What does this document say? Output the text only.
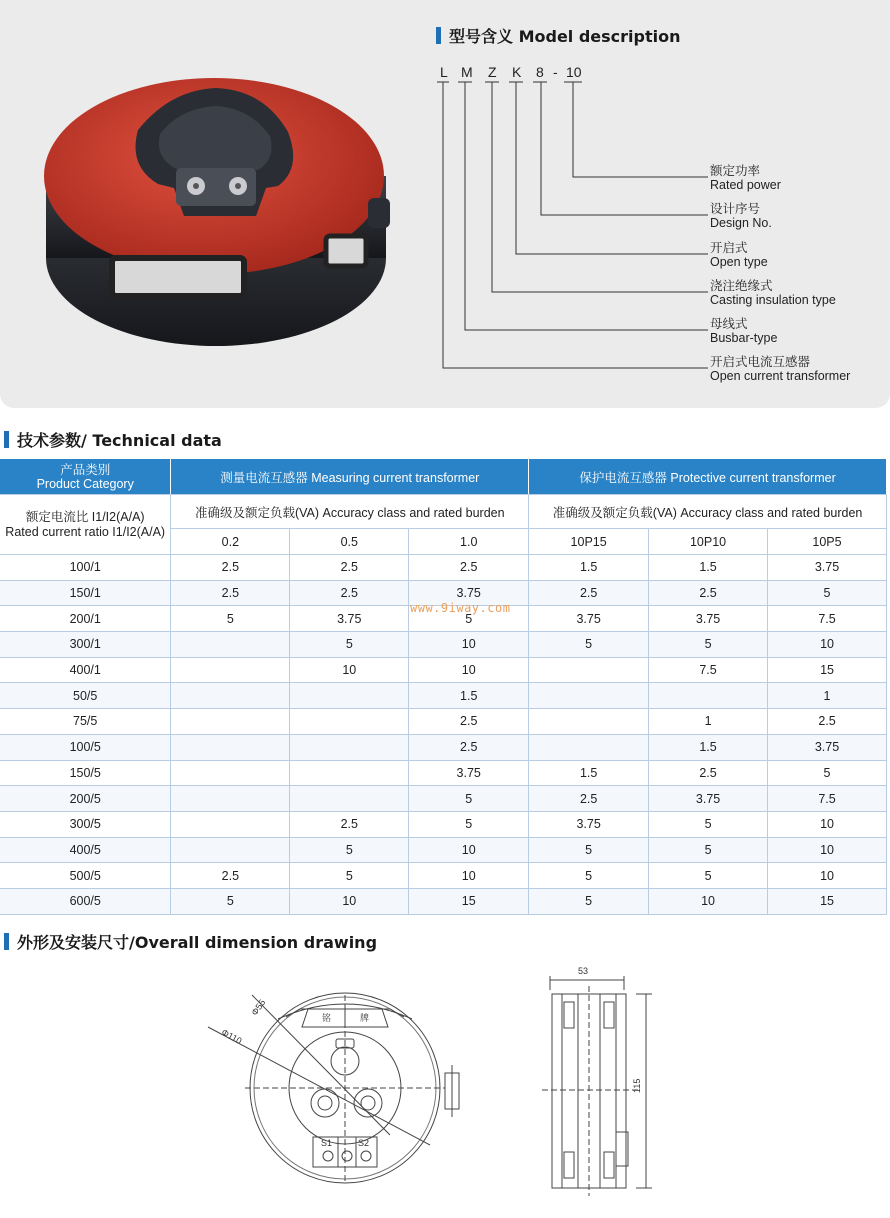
型号含义 Model description
L M Z K 8 - 10
额定功率
Rated power
设计序号
Design No.
开启式
Open type
浇注绝缘式
Casting insulation type
母线式
Busbar-type
开启式电流互感器
Open current transformer
技术参数/ Technical data
产品类别
Product Category	测量电流互感器 Measuring current transformer			保护电流互感器 Protective current transformer		

额定电流比 I1/I2(A/A)
Rated current ratio I1/I2(A/A)	准确级及额定负载(VA) Accuracy class and rated burden			准确级及额定负载(VA) Accuracy class and rated burden		
	0.2	0.5	1.0	10P15	10P10	10P5
100/1	2.5	2.5	2.5	1.5	1.5	3.75
150/1	2.5	2.5	3.75	2.5	2.5	5
200/1	5	3.75	5	3.75	3.75	7.5
300/1		5	10	5	5	10
400/1		10	10		7.5	15
50/5			1.5			1
75/5			2.5		1	2.5
100/5			2.5		1.5	3.75
150/5			3.75	1.5	2.5	5
200/5			5	2.5	3.75	7.5
300/5		2.5	5	3.75	5	10
400/5		5	10	5	5	10
500/5	2.5	5	10	5	5	10
600/5	5	10	15	5	10	15
www.9iway.com
外形及安装尺寸/Overall dimension drawing
Φ55
Φ110
铭	牌
S1	S2
53
115
